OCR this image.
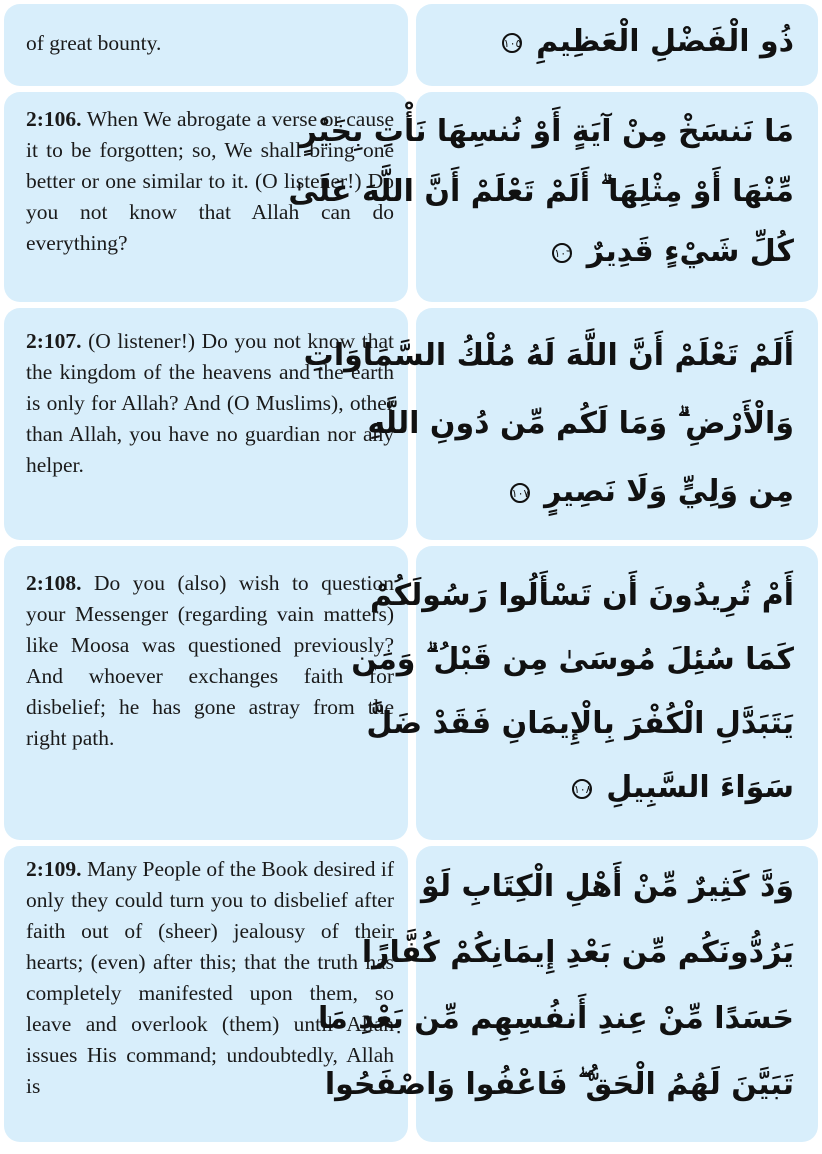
of great bounty.	ذُو الْفَضْلِ الْعَظِيمِ ١٠٥
2:106. When We abrogate a verse or cause it to be forgotten; so, We shall bring one better or one similar to it. (O listener!) Do you not know that Allah can do everything?
مَا نَنسَخْ مِنْ آيَةٍ أَوْ نُنسِهَا نَأْتِ بِخَيْرٍ
مِّنْهَا أَوْ مِثْلِهَا ۗ أَلَمْ تَعْلَمْ أَنَّ اللَّهَ عَلَىٰ
كُلِّ شَيْءٍ قَدِيرٌ ١٠٦
2:107. (O listener!) Do you not know that the kingdom of the heavens and the earth is only for Allah? And (O Muslims), other than Allah, you have no guardian nor any helper.
أَلَمْ تَعْلَمْ أَنَّ اللَّهَ لَهُ مُلْكُ السَّمَاوَاتِ
وَالْأَرْضِ ۗ وَمَا لَكُم مِّن دُونِ اللَّهِ
مِن وَلِيٍّ وَلَا نَصِيرٍ ١٠٧
2:108. Do you (also) wish to question your Messenger (regarding vain matters) like Moosa was questioned previously? And whoever exchanges faith for disbelief; he has gone astray from the right path.
أَمْ تُرِيدُونَ أَن تَسْأَلُوا رَسُولَكُمْ
كَمَا سُئِلَ مُوسَىٰ مِن قَبْلُ ۗ وَمَن
يَتَبَدَّلِ الْكُفْرَ بِالْإِيمَانِ فَقَدْ ضَلَّ
سَوَاءَ السَّبِيلِ ١٠٨
2:109. Many People of the Book desired if only they could turn you to disbelief after faith out of (sheer) jealousy of their hearts; (even) after this; that the truth has completely manifested upon them, so leave and overlook (them) until Allah issues His command; undoubtedly, Allah is
وَدَّ كَثِيرٌ مِّنْ أَهْلِ الْكِتَابِ لَوْ
يَرُدُّونَكُم مِّن بَعْدِ إِيمَانِكُمْ كُفَّارًا
حَسَدًا مِّنْ عِندِ أَنفُسِهِم مِّن بَعْدِ مَا
تَبَيَّنَ لَهُمُ الْحَقُّ ۖ فَاعْفُوا وَاصْفَحُوا
